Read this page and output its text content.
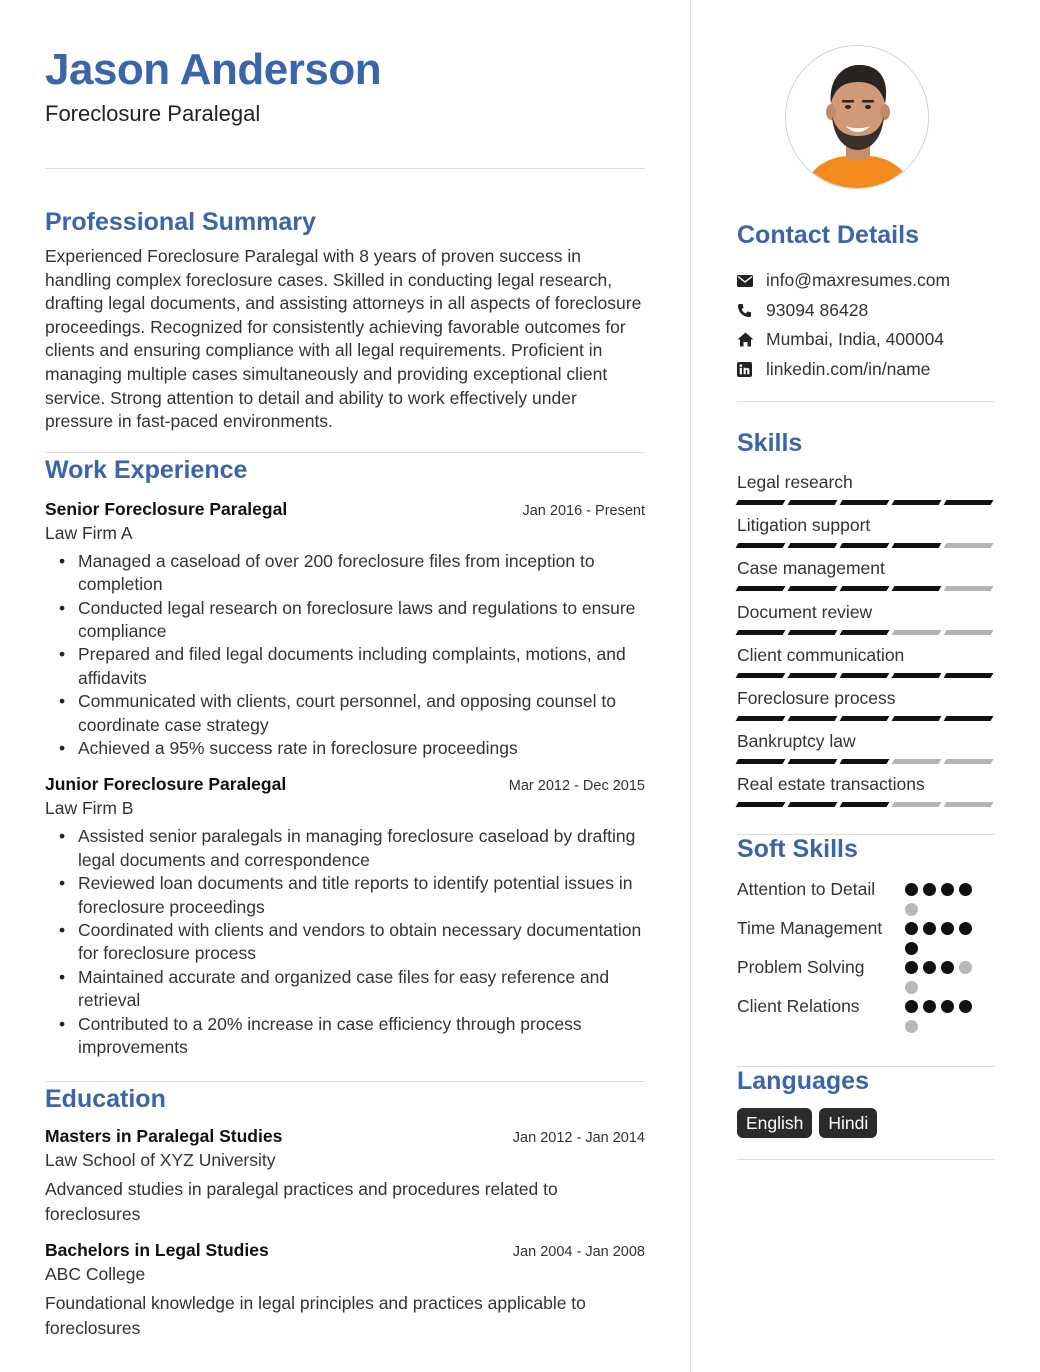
Jason Anderson
Foreclosure Paralegal
Professional Summary

Experienced Foreclosure Paralegal with 8 years of proven success in handling complex foreclosure cases. Skilled in conducting legal research, drafting legal documents, and assisting attorneys in all aspects of foreclosure proceedings. Recognized for consistently achieving favorable outcomes for clients and ensuring compliance with all legal requirements. Proficient in managing multiple cases simultaneously and providing exceptional client service. Strong attention to detail and ability to work effectively under pressure in fast-paced environments.

Work Experience
Senior Foreclosure Paralegal	Jan 2016 - Present
Law Firm A
• Managed a caseload of over 200 foreclosure files from inception to completion
• Conducted legal research on foreclosure laws and regulations to ensure compliance
• Prepared and filed legal documents including complaints, motions, and affidavits
• Communicated with clients, court personnel, and opposing counsel to coordinate case strategy
• Achieved a 95% success rate in foreclosure proceedings
Junior Foreclosure Paralegal	Mar 2012 - Dec 2015
Law Firm B
• Assisted senior paralegals in managing foreclosure caseload by drafting legal documents and correspondence
• Reviewed loan documents and title reports to identify potential issues in foreclosure proceedings
• Coordinated with clients and vendors to obtain necessary documentation for foreclosure process
• Maintained accurate and organized case files for easy reference and retrieval
• Contributed to a 20% increase in case efficiency through process improvements
Education
Masters in Paralegal Studies	Jan 2012 - Jan 2014
Law School of XYZ University
Advanced studies in paralegal practices and procedures related to foreclosures
Bachelors in Legal Studies	Jan 2004 - Jan 2008
ABC College
Foundational knowledge in legal principles and practices applicable to foreclosures
Contact Details
info@maxresumes.com
93094 86428
Mumbai, India, 400004
linkedin.com/in/name
Skills
Legal research
Litigation support
Case management
Document review
Client communication
Foreclosure process
Bankruptcy law
Real estate transactions
Soft Skills
Attention to Detail
Time Management
Problem Solving
Client Relations
Languages
English	Hindi
